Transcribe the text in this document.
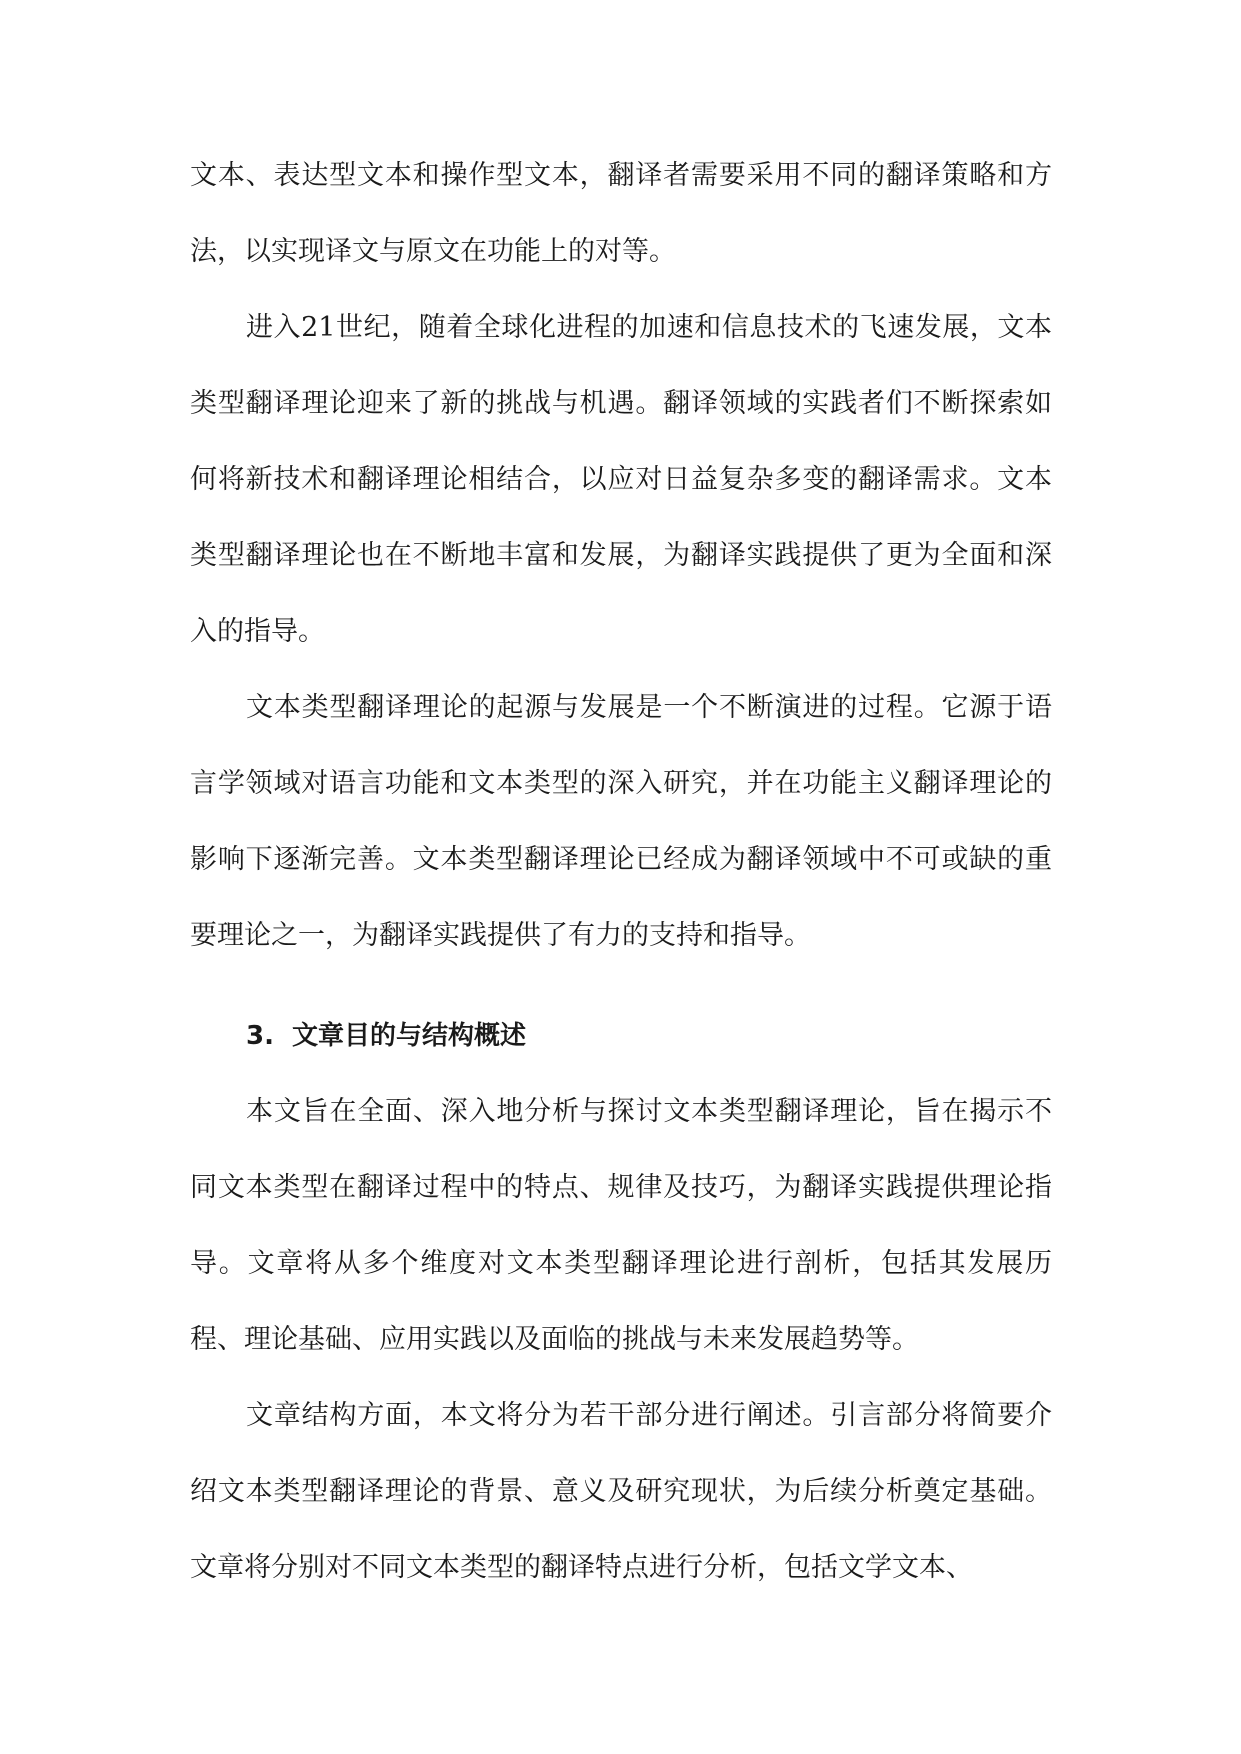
文本、表达型文本和操作型文本，翻译者需要采用不同的翻译策略和方法，以实现译文与原文在功能上的对等。

进入21世纪，随着全球化进程的加速和信息技术的飞速发展，文本类型翻译理论迎来了新的挑战与机遇。翻译领域的实践者们不断探索如何将新技术和翻译理论相结合，以应对日益复杂多变的翻译需求。文本类型翻译理论也在不断地丰富和发展，为翻译实践提供了更为全面和深入的指导。

文本类型翻译理论的起源与发展是一个不断演进的过程。它源于语言学领域对语言功能和文本类型的深入研究，并在功能主义翻译理论的影响下逐渐完善。文本类型翻译理论已经成为翻译领域中不可或缺的重要理论之一，为翻译实践提供了有力的支持和指导。

3. 文章目的与结构概述

本文旨在全面、深入地分析与探讨文本类型翻译理论，旨在揭示不同文本类型在翻译过程中的特点、规律及技巧，为翻译实践提供理论指导。文章将从多个维度对文本类型翻译理论进行剖析，包括其发展历程、理论基础、应用实践以及面临的挑战与未来发展趋势等。

文章结构方面，本文将分为若干部分进行阐述。引言部分将简要介绍文本类型翻译理论的背景、意义及研究现状，为后续分析奠定基础。文章将分别对不同文本类型的翻译特点进行分析，包括文学文本、
